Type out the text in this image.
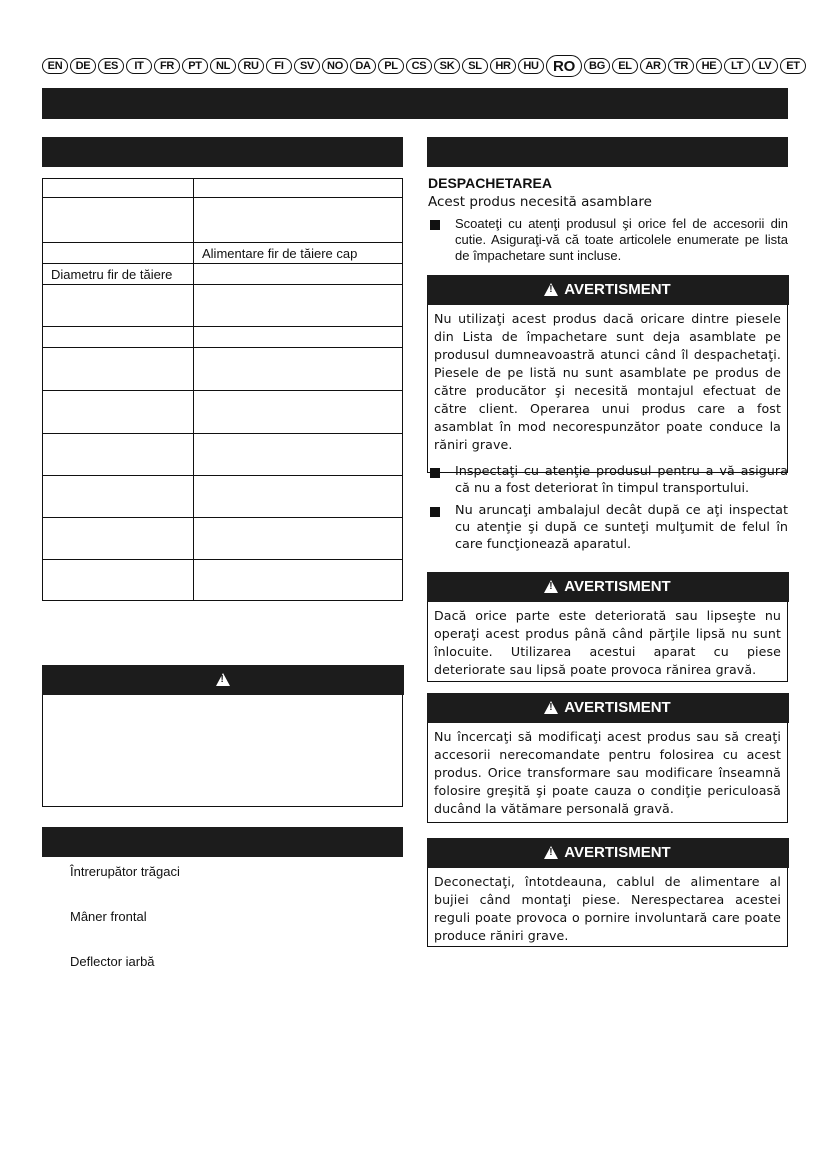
EN	DE	ES	IT	FR	PT	NL	RU	FI	SV	NO	DA	PL	CS	SK	SL	HR	HU RO	BG	EL	AR	TR	HE	LT	LV	ET

	Alimentare fir de tăiere cap
Diametru fir de tăiere	

!
Întrerupător trăgaci
Mâner frontal
Deflector iarbă
DESPACHETAREA
Acest produs necesită asamblare
Scoateţi cu atenţi produsul şi orice fel de accesorii din cutie. Asiguraţi-vă că toate articolele enumerate pe lista de împachetare sunt incluse.
!
AVERTISMENT
Nu utilizaţi acest produs dacă oricare dintre piesele din Lista de împachetare sunt deja asamblate pe produsul dumneavoastră atunci când îl despachetaţi. Piesele de pe listă nu sunt asamblate pe produs de către producător şi necesită montajul efectuat de către client. Operarea unui produs care a fost asamblat în mod necorespunzător poate conduce la răniri grave.
Inspectaţi cu atenţie produsul pentru a vă asigura că nu a fost deteriorat în timpul transportului.
Nu aruncaţi ambalajul decât după ce aţi inspectat cu atenţie şi după ce sunteţi mulţumit de felul în care funcţionează aparatul.
!
AVERTISMENT
Dacă orice parte este deteriorată sau lipseşte nu operaţi acest produs până când părţile lipsă nu sunt înlocuite. Utilizarea acestui aparat cu piese deteriorate sau lipsă poate provoca rănirea gravă.
!
AVERTISMENT
Nu încercaţi să modificaţi acest produs sau să creaţi accesorii nerecomandate pentru folosirea cu acest produs. Orice transformare sau modificare înseamnă folosire greşită şi poate cauza o condiţie periculoasă ducând la vătămare personală gravă.
!
AVERTISMENT
Deconectaţi, întotdeauna, cablul de alimentare al bujiei când montaţi piese. Nerespectarea acestei reguli poate provoca o pornire involuntară care poate produce răniri grave.
